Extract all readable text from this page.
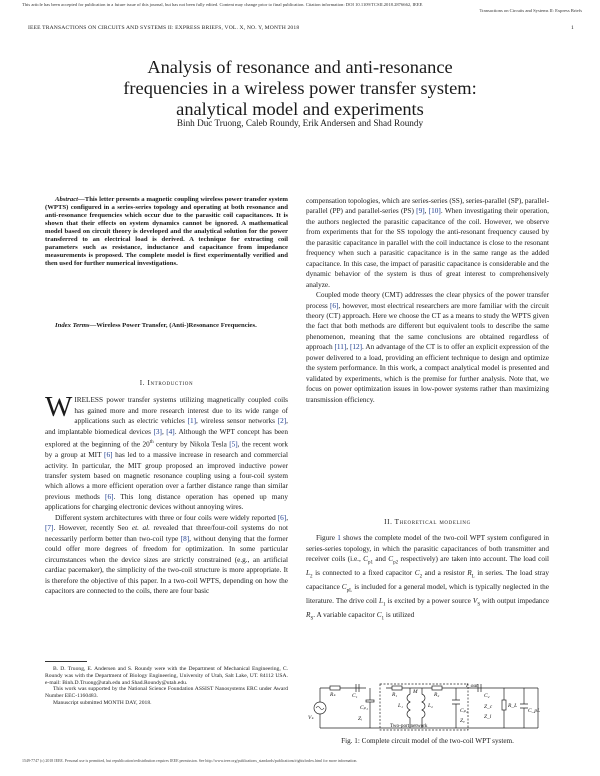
This article has been accepted for publication in a future issue of this journal, but has not been fully edited. Content may change prior to final publication. Citation information: DOI 10.1109/TCSII.2018.2876662, IEEE
Transactions on Circuits and Systems II: Express Briefs
IEEE TRANSACTIONS ON CIRCUITS AND SYSTEMS II: EXPRESS BRIEFS, VOL. X, NO. Y, MONTH 2018	1
Analysis of resonance and anti-resonance
frequencies in a wireless power transfer system:
analytical model and experiments
Binh Duc Truong, Caleb Roundy, Erik Andersen and Shad Roundy
Abstract—This letter presents a magnetic coupling wireless power transfer system (WPTS) configured in a series-series topology and operating at both resonance and anti-resonance frequencies which occur due to the parasitic coil capacitances. It is shown that their effects on system dynamics cannot be ignored. A mathematical model based on circuit theory is developed and the analytical solution for the power transferred to an electrical load is derived. A technique for extracting coil parameters such as resistance, inductance and capacitance from impedance measurements is proposed. The complete model is first experimentally verified and then used for further numerical investigations.
Index Terms—Wireless Power Transfer, (Anti-)Resonance Frequencies.
I. Introduction

WIRELESS power transfer systems utilizing magnetically coupled coils has gained more and more research interest due to its wide range of applications such as electric vehicles [1], wireless sensor networks [2], and implantable biomedical devices [3], [4]. Although the WPT concept has been explored at the beginning of the 20th century by Nikola Tesla [5], the recent work by a group at MIT [6] has led to a massive increase in research and commercial activity. In particular, the MIT group proposed an improved inductive power transfer system based on magnetic resonance coupling using a four-coil system which allows a more efficient operation over a farther distance range than similar previous methods [6]. This long distance operation has opened up many applications for charging electronic devices without annoying wires.

Different system architectures with three or four coils were widely reported [6], [7]. However, recently Seo et. al. revealed that three/four-coil systems do not necessarily perform better than two-coil type [8], without denying that the former could offer more degrees of freedom for optimization. In some particular circumstances when the device sizes are strictly constrained (e.g., an artificial cardiac pacemaker), the simplicity of the two-coil structure is more appropriate. It is therefore the objective of this paper. In a two-coil WPTS, depending on how the capacitors are connected to the coils, there are four basic

B. D. Truong, E. Andersen and S. Roundy were with the Department of Mechanical Engineering, C. Roundy was with the Department of Biology Engineering, University of Utah, Salt Lake, UT. 84112 USA. e-mail: Binh.D.Truong@utah.edu and Shad.Roundy@utah.edu.

This work was supported by the National Science Foundation ASSIST Nanosystems ERC under Award Number EEC-1160483.

Manuscript submitted MONTH DAY, 2018.

compensation topologies, which are series-series (SS), series-parallel (SP), parallel-parallel (PP) and parallel-series (PS) [9], [10]. When investigating their operation, the authors neglected the parasitic capacitance of the coil. However, we observe from experiments that for the SS topology the anti-resonant frequency caused by the parasitic capacitance in parallel with the coil inductance is close to the resonant frequency when such a parasitic capacitance is in the same range as the added capacitance. In this case, the impact of parasitic capacitance is considerable and the dynamic behavior of the system is thus of great interest to comprehensively analyze.

Coupled mode theory (CMT) addresses the clear physics of the power transfer process [6], however, most electrical researchers are more familiar with the circuit theory (CT) approach. Here we choose the CT as a means to study the WPTS given the fact that both methods are different but equivalent tools to describe the same phenomenon, meaning that the same conclusions are obtained regardless of approach [11], [12]. An advantage of the CT is to offer an explicit expression of the power delivered to a load, providing an efficient technique to design and optimize the system performance. In this work, a compact analytical model is presented and validated by experiments, which is the premise for further analysis. Note that, we focus on power optimization issues in low-power systems rather than maximizing transmission efficiency.

II. Theoretical modeling

Figure 1 shows the complete model of the two-coil WPT system configured in series-series topology, in which the parasitic capacitances of both transmitter and receiver coils (i.e., $C_{p1}$ and $C_{p2}$ respectively) are taken into account. The load coil $L_2$ is connected to a fixed capacitor $C_2$ and a resistor $R_L$ in series. The load stray capacitance $C_{pL}$ is included for a general model, which is typically neglected in the literature. The drive coil $L_1$ is excited by a power source $V_S$ with output impedance $R_S$. A variable capacitor $C_1$ is utilized

Rₛ	C₁
Cₚ₁
Vₛ	Zᵢ
R₁	M
L₁	L₂
R₂
Cₚ₂
Zₒ
I_out
C₂
Z_c
Z_l
R_L
C_pL
Two-port network
Fig. 1: Complete circuit model of the two-coil WPT system.
1549-7747 (c) 2018 IEEE. Personal use is permitted, but republication/redistribution requires IEEE permission. See http://www.ieee.org/publications_standards/publications/rights/index.html for more information.
